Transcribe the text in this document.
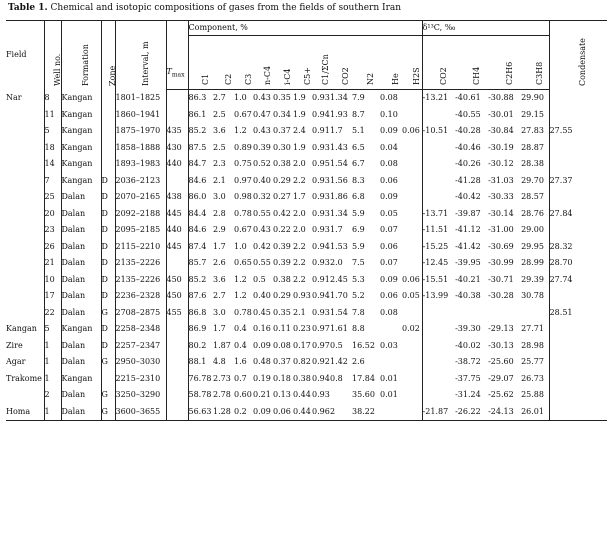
Table 1. Chemical and isotopic compositions of gases from the fields of southern Iran
Field	Well no.	Formation	Zone	Interval, m	$T_{max}$	Component, %											δ¹³C, ‰				Condensate

						C1	C2	C3	n-C4	i-C4	C5+	C1/ΣCn	CO2	N2	He	H2S	CO2	CH4	C2H6	C3H8	

Nar	8	Kangan		1801–1825		86.3	2.7	1.0	0.43	0.35	1.9	0.93	1.34	7.9	0.08		-13.21	-40.61	-30.88	29.90	
	11	Kangan		1860–1941		86.1	2.5	0.67	0.47	0.34	1.9	0.94	1.93	8.7	0.10			-40.55	-30.01	29.15	
	5	Kangan		1875–1970	435	85.2	3.6	1.2	0.43	0.37	2.4	0.91	1.7	5.1	0.09	0.06	-10.51	-40.28	-30.84	27.83	27.55
	18	Kangan		1858–1888	430	87.5	2.5	0.89	0.39	0.30	1.9	0.93	1.43	6.5	0.04			-40.46	-30.19	28.87	
	14	Kangan		1893–1983	440	84.7	2.3	0.75	0.52	0.38	2.0	0.95	1.54	6.7	0.08			-40.26	-30.12	28.38	
	7	Kangan	D	2036–2123		84.6	2.1	0.97	0.40	0.29	2.2	0.93	1.56	8.3	0.06			-41.28	-31.03	29.70	27.37
	25	Dalan	D	2070–2165	438	86.0	3.0	0.98	0.32	0.27	1.7	0.93	1.86	6.8	0.09			-40.42	-30.33	28.57	
	20	Dalan	D	2092–2188	445	84.4	2.8	0.78	0.55	0.42	2.0	0.93	1.34	5.9	0.05		-13.71	-39.87	-30.14	28.76	27.84
	23	Dalan	D	2095–2185	440	84.6	2.9	0.67	0.43	0.22	2.0	0.93	1.7	6.9	0.07		-11.51	-41.12	-31.00	29.00	
	26	Dalan	D	2115–2210	445	87.4	1.7	1.0	0.42	0.39	2.2	0.94	1.53	5.9	0.06		-15.25	-41.42	-30.69	29.95	28.32
	21	Dalan	D	2135–2226		85.7	2.6	0.65	0.55	0.39	2.2	0.93	2.0	7.5	0.07		-12.45	-39.95	-30.99	28.99	28.70
	10	Dalan	D	2135–2226	450	85.2	3.6	1.2	0.5	0.38	2.2	0.91	2.45	5.3	0.09	0.06	-15.51	-40.21	-30.71	29.39	27.74
	17	Dalan	D	2236–2328	450	87.6	2.7	1.2	0.40	0.29	0.93	0.94	1.70	5.2	0.06	0.05	-13.99	-40.38	-30.28	30.78	
	22	Dalan	G	2708–2875	455	86.8	3.0	0.78	0.45	0.35	2.1	0.93	1.54	7.8	0.08						28.51
Kangan	5	Kangan	D	2258–2348		86.9	1.7	0.4	0.16	0.11	0.23	0.97	1.61	8.8		0.02		-39.30	-29.13	27.71	
Zire	1	Dalan	D	2257–2347		80.2	1.87	0.4	0.09	0.08	0.17	0.97	0.5	16.52	0.03			-40.02	-30.13	28.98	
Agar	1	Dalan	G	2950–3030		88.1	4.8	1.6	0.48	0.37	0.82	0.92	1.42	2.6				-38.72	-25.60	25.77	
Trakome	1	Kangan		2215–2310		76.78	2.73	0.7	0.19	0.18	0.38	0.94	0.8	17.84	0.01			-37.75	-29.07	26.73	
	2	Dalan	G	3250–3290		58.78	2.78	0.60	0.21	0.13	0.44	0.93		35.60	0.01			-31.24	-25.62	25.88	
Homa	1	Dalan	G	3600–3655		56.63	1.28	0.2	0.09	0.06	0.44	0.96	2	38.22			-21.87	-26.22	-24.13	26.01	
